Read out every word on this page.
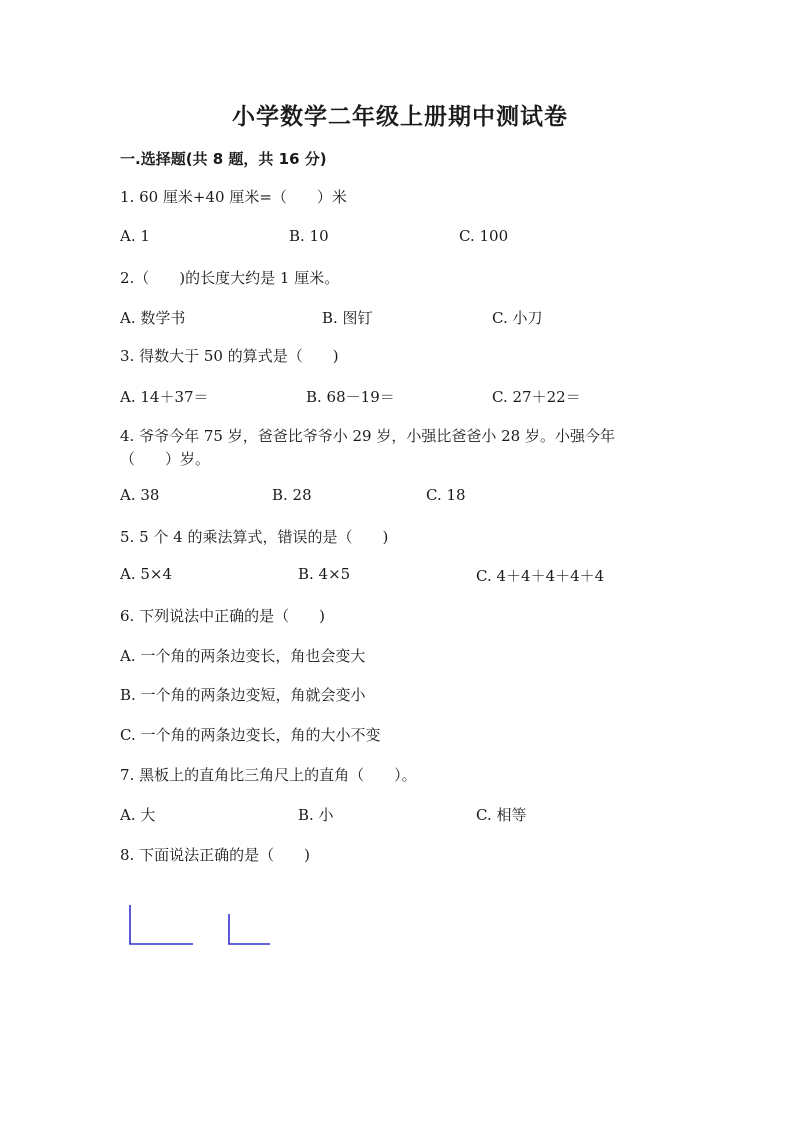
小学数学二年级上册期中测试卷
一.选择题(共 8 题，共 16 分)
1. 60 厘米+40 厘米=（　　）米
A. 1	B. 10	C. 100
2.（　　)的长度大约是 1 厘米。
A. 数学书	B. 图钉	C. 小刀
3. 得数大于 50 的算式是（　　)
A. 14＋37＝	B. 68－19＝	C. 27＋22＝
4. 爷爷今年 75 岁，爸爸比爷爷小 29 岁，小强比爸爸小 28 岁。小强今年
（　　）岁。
A. 38	B. 28	C. 18
5. 5 个 4 的乘法算式，错误的是（　　)
A. 5×4	B. 4×5	C. 4＋4＋4＋4＋4
6. 下列说法中正确的是（　　)
A. 一个角的两条边变长，角也会变大
B. 一个角的两条边变短，角就会变小
C. 一个角的两条边变长，角的大小不变
7. 黑板上的直角比三角尺上的直角（　　）。
A. 大	B. 小	C. 相等
8. 下面说法正确的是（　　)
